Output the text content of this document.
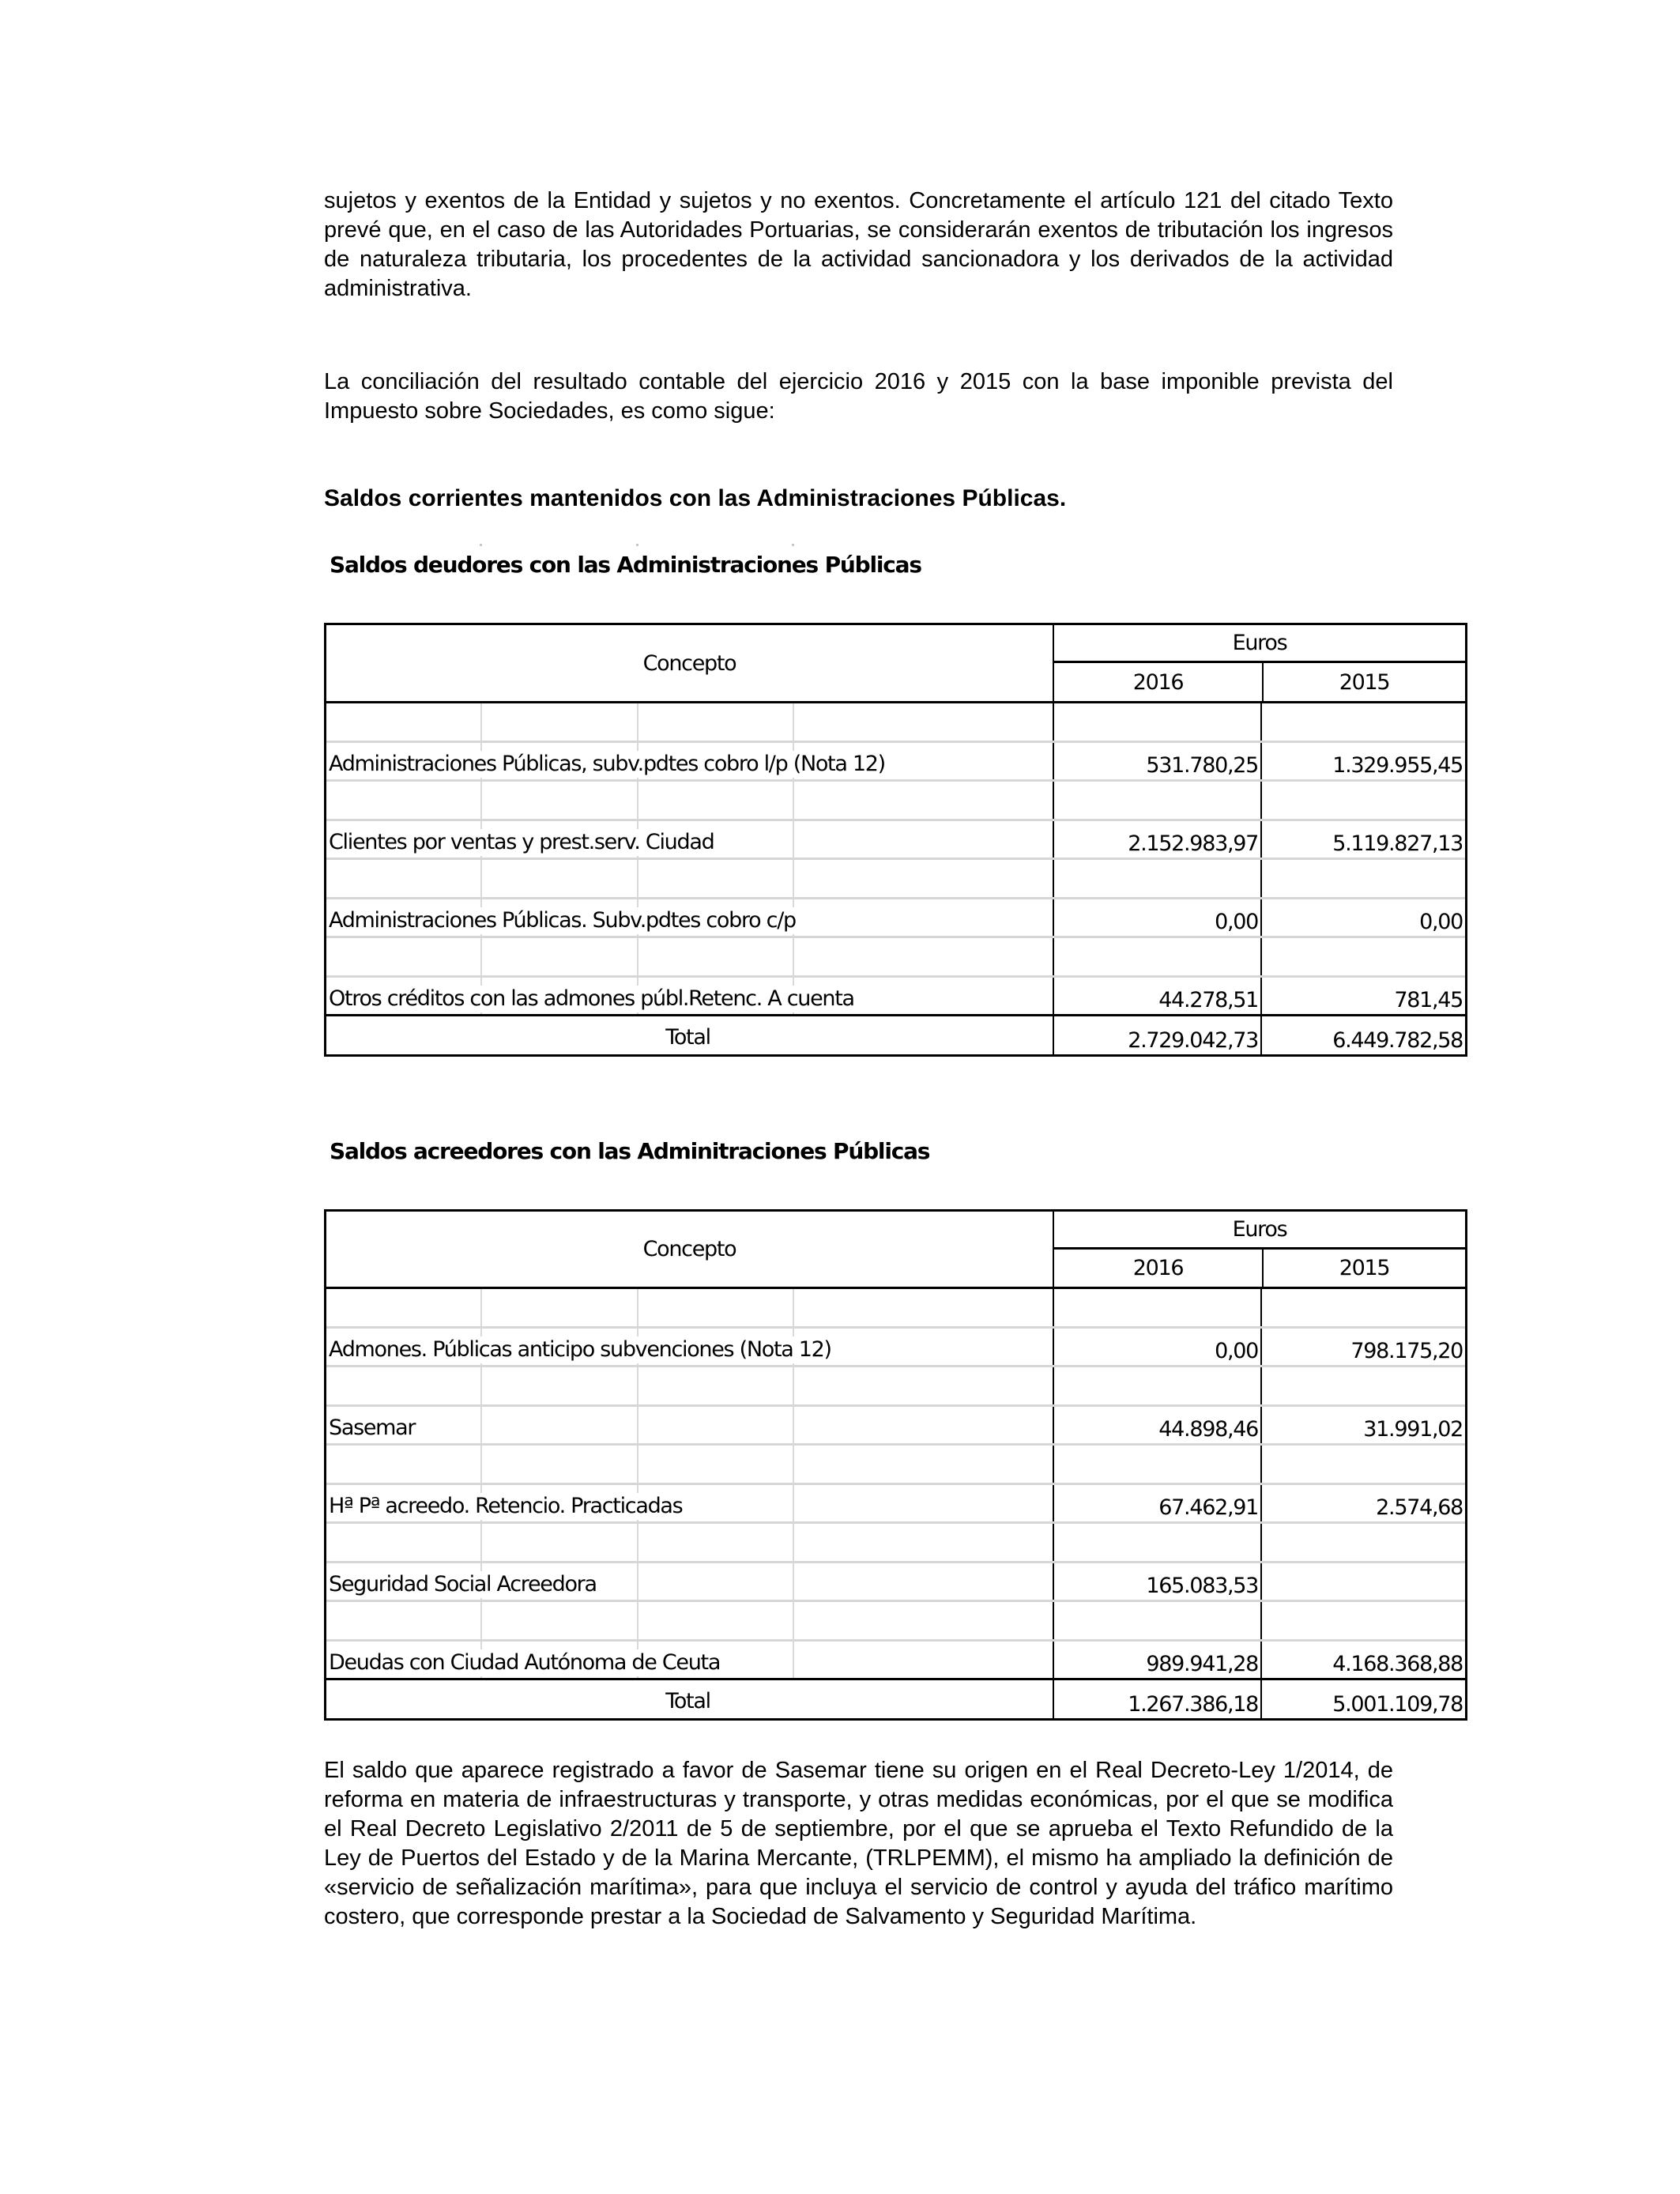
sujetos y exentos de la Entidad y sujetos y no exentos. Concretamente el artículo 121 del citado Texto prevé que, en el caso de las Autoridades Portuarias, se considerarán exentos de tributación los ingresos de naturaleza tributaria, los procedentes de la actividad sancionadora y los derivados de la actividad administrativa.

La conciliación del resultado contable del ejercicio 2016 y 2015 con la base imponible prevista del Impuesto sobre Sociedades, es como sigue:

Saldos corrientes mantenidos con las Administraciones Públicas.
Saldos deudores con las Administraciones Públicas
Concepto
Euros
2016	2015
Administraciones Públicas, subv.pdtes cobro l/p (Nota 12)	531.780,25	1.329.955,45
Clientes por ventas y prest.serv. Ciudad	2.152.983,97	5.119.827,13
Administraciones Públicas. Subv.pdtes cobro c/p	0,00	0,00
Otros créditos con las admones públ.Retenc. A cuenta	44.278,51	781,45
Total	2.729.042,73	6.449.782,58
Saldos acreedores con las Adminitraciones Públicas
Concepto
Euros
2016	2015
Admones. Públicas anticipo subvenciones (Nota 12)	0,00	798.175,20
Sasemar	44.898,46	31.991,02
Hª Pª acreedo. Retencio. Practicadas	67.462,91	2.574,68
Seguridad Social Acreedora	165.083,53
Deudas con Ciudad Autónoma de Ceuta	989.941,28	4.168.368,88
Total	1.267.386,18	5.001.109,78

El saldo que aparece registrado a favor de Sasemar tiene su origen en el Real Decreto-Ley 1/2014, de reforma en materia de infraestructuras y transporte, y otras medidas económicas, por el que se modifica el Real Decreto Legislativo 2/2011 de 5 de septiembre, por el que se aprueba el Texto Refundido de la Ley de Puertos del Estado y de la Marina Mercante, (TRLPEMM), el mismo ha ampliado la definición de «servicio de señalización marítima», para que incluya el servicio de control y ayuda del tráfico marítimo costero, que corresponde prestar a la Sociedad de Salvamento y Seguridad Marítima.
